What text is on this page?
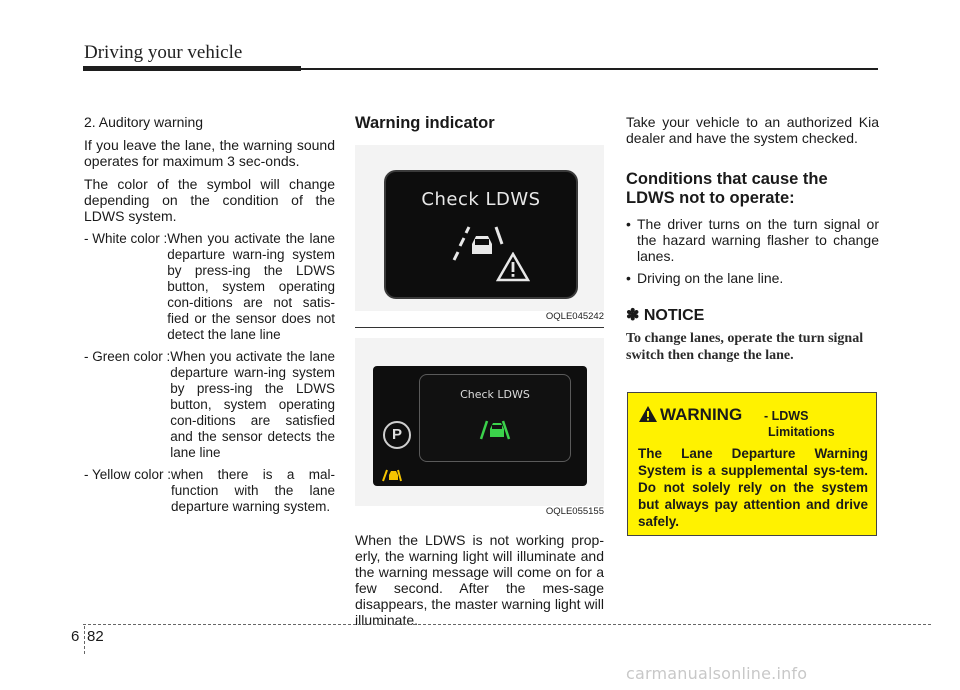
Driving your vehicle

2. Auditory warning

If you leave the lane, the warning sound operates for maximum 3 sec-onds.

The color of the symbol will change depending on the condition of the LDWS system.

- White color : When you activate the lane departure warn-ing system by press-ing the LDWS button, system operating con-ditions are not satis-fied or the sensor does not detect the lane line
- Green color : When you activate the lane departure warn-ing system by press-ing the LDWS button, system operating con-ditions are satisfied and the sensor detects the lane line
- Yellow color : when there is a mal-function with the lane departure warning system.
Warning indicator
Check LDWS
OQLE045242
P
Check LDWS
OQLE055155

When the LDWS is not working prop-erly, the warning light will illuminate and the warning message will come on for a few second. After the mes-sage disappears, the master warning light will illuminate.

Take your vehicle to an authorized Kia dealer and have the system checked.

Conditions that cause the LDWS not to operate:
• The driver turns on the turn signal or the hazard warning flasher to change lanes.
• Driving on the lane line.
✽ NOTICE
To change lanes, operate the turn signal switch then change the lane.
WARNING - LDWS
Limitations
The Lane Departure Warning System is a supplemental sys-tem. Do not solely rely on the system but always pay attention and drive safely.
6 82
carmanualsonline.info
